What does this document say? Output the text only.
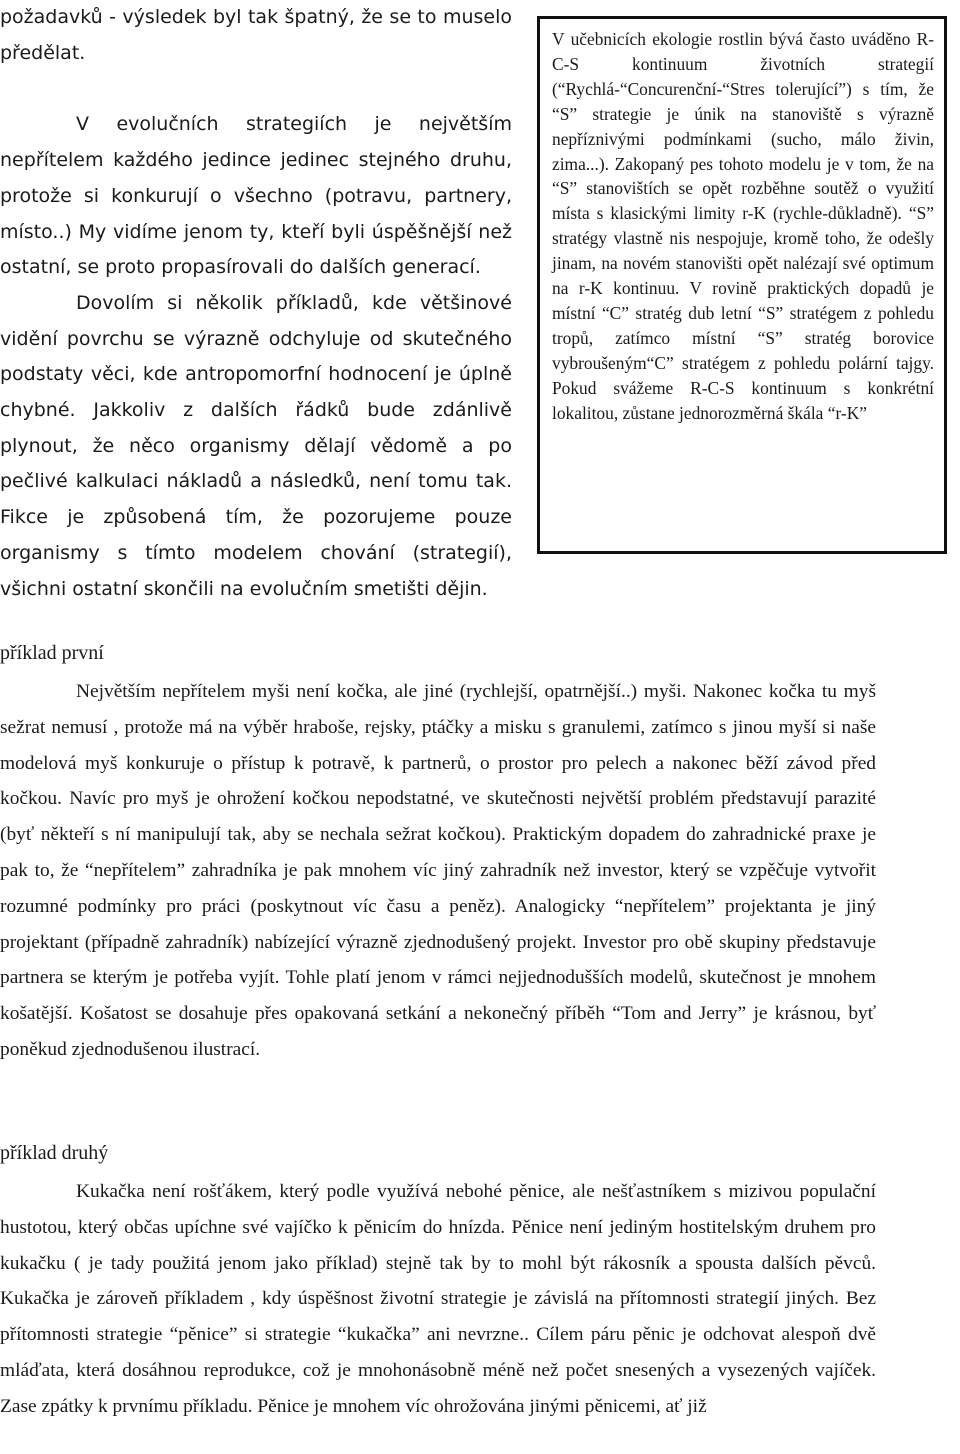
požadavků - výsledek byl tak špatný, že se to muselo předělat.

V evolučních strategiích je největším nepřítelem každého jedince jedinec stejného druhu, protože si konkurují o všechno (potravu, partnery, místo..) My vidíme jenom ty, kteří byli úspěšnější než ostatní, se proto propasírovali do dalších generací.

Dovolím si několik příkladů, kde většinové vidění povrchu se výrazně odchyluje od skutečného podstaty věci, kde antropomorfní hodnocení je úplně chybné. Jakkoliv z dalších řádků bude zdánlivě plynout, že něco organismy dělají vědomě a po pečlivé kalkulaci nákladů a následků, není tomu tak. Fikce je způsobená tím, že pozorujeme pouze organismy s tímto modelem chování (strategií), všichni ostatní skončili na evolučním smetišti dějin.

V učebnicích ekologie rostlin bývá často uváděno R-C-S kontinuum životních strategií (“Rychlá-“Concurenční-“Stres tolerující”) s tím, že “S” strategie je únik na stanoviště s výrazně nepříznivými podmínkami (sucho, málo živin, zima...). Zakopaný pes tohoto modelu je v tom, že na “S” stanovištích se opět rozběhne soutěž o využití místa s klasickými limity r-K (rychle-důkladně). “S” stratégy vlastně nis nespojuje, kromě toho, že odešly jinam, na novém stanovišti opět nalézají své optimum na r-K kontinuu. V rovině praktických dopadů je místní “C” stratég dub letní “S” stratégem z pohledu tropů, zatímco místní “S” stratég borovice vybroušeným“C” stratégem z pohledu polární tajgy. Pokud svážeme R-C-S kontinuum s konkrétní lokalitou, zůstane jednorozměrná škála “r-K”

příklad první

Největším nepřítelem myši není kočka, ale jiné (rychlejší, opatrnější..) myši. Nakonec kočka tu myš sežrat nemusí , protože má na výběr hraboše, rejsky, ptáčky a misku s granulemi, zatímco s jinou myší si naše modelová myš konkuruje o přístup k potravě, k partnerů, o prostor pro pelech a nakonec běží závod před kočkou. Navíc pro myš je ohrožení kočkou nepodstatné, ve skutečnosti největší problém představují parazité (byť někteří s ní manipulují tak, aby se nechala sežrat kočkou). Praktickým dopadem do zahradnické praxe je pak to, že “nepřítelem” zahradníka je pak mnohem víc jiný zahradník než investor, který se vzpěčuje vytvořit rozumné podmínky pro práci (poskytnout víc času a peněz). Analogicky “nepřítelem” projektanta je jiný projektant (případně zahradník) nabízející výrazně zjednodušený projekt. Investor pro obě skupiny představuje partnera se kterým je potřeba vyjít. Tohle platí jenom v rámci nejjednodušších modelů, skutečnost je mnohem košatější. Košatost se dosahuje přes opakovaná setkání a nekonečný příběh “Tom and Jerry” je krásnou, byť poněkud zjednodušenou ilustrací.

příklad druhý

Kukačka není rošťákem, který podle využívá nebohé pěnice, ale nešťastníkem s mizivou populační hustotou, který občas upíchne své vajíčko k pěnicím do hnízda. Pěnice není jediným hostitelským druhem pro kukačku ( je tady použitá jenom jako příklad) stejně tak by to mohl být rákosník a spousta dalších pěvců. Kukačka je zároveň příkladem , kdy úspěšnost životní strategie je závislá na přítomnosti strategií jiných. Bez přítomnosti strategie “pěnice” si strategie “kukačka” ani nevrzne.. Cílem páru pěnic je odchovat alespoň dvě mláďata, která dosáhnou reprodukce, což je mnohonásobně méně než počet snesených a vysezených vajíček. Zase zpátky k prvnímu příkladu. Pěnice je mnohem víc ohrožována jinými pěnicemi, ať již
